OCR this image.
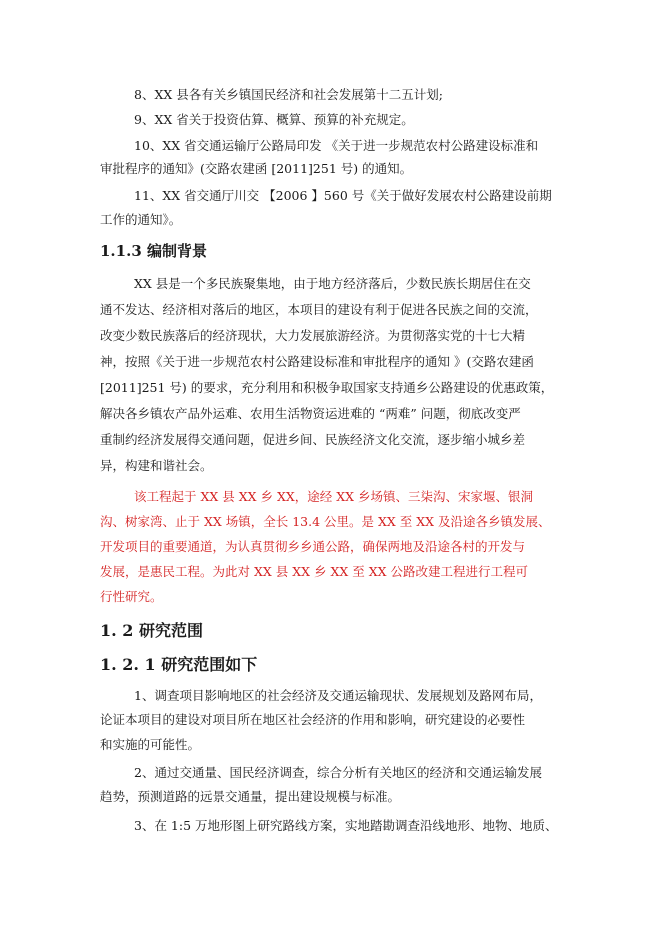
8、XX 县各有关乡镇国民经济和社会发展第十二五计划;
9、XX 省关于投资估算、概算、预算的补充规定。
10、XX 省交通运输厅公路局印发 《关于进一步规范农村公路建设标准和
审批程序的通知》(交路农建函 [2011]251 号) 的通知。
11、XX 省交通厅川交 【2006 】560 号《关于做好发展农村公路建设前期
工作的通知》。
1.1.3 编制背景
XX 县是一个多民族聚集地，由于地方经济落后，少数民族长期居住在交
通不发达、经济相对落后的地区，本项目的建设有利于促进各民族之间的交流，
改变少数民族落后的经济现状，大力发展旅游经济。为贯彻落实党的十七大精
神，按照《关于进一步规范农村公路建设标准和审批程序的通知 》(交路农建函
[2011]251 号) 的要求，充分利用和积极争取国家支持通乡公路建设的优惠政策，
解决各乡镇农产品外运难、农用生活物资运进难的 “两难” 问题，彻底改变严
重制约经济发展得交通问题，促进乡间、民族经济文化交流，逐步缩小城乡差
异，构建和谐社会。
该工程起于 XX 县 XX 乡 XX，途经 XX 乡场镇、三柒沟、宋家堰、银洞
沟、树家湾、止于 XX 场镇，全长 13.4 公里。是 XX 至 XX 及沿途各乡镇发展、
开发项目的重要通道，为认真贯彻乡乡通公路，确保两地及沿途各村的开发与
发展，是惠民工程。为此对 XX 县 XX 乡 XX 至 XX 公路改建工程进行工程可
行性研究。
1. 2 研究范围
1. 2. 1 研究范围如下
1、调查项目影响地区的社会经济及交通运输现状、发展规划及路网布局，
论证本项目的建设对项目所在地区社会经济的作用和影响，研究建设的必要性
和实施的可能性。
2、通过交通量、国民经济调查，综合分析有关地区的经济和交通运输发展
趋势，预测道路的远景交通量，提出建设规模与标准。
3、在 1:5 万地形图上研究路线方案，实地踏勘调查沿线地形、地物、地质、
